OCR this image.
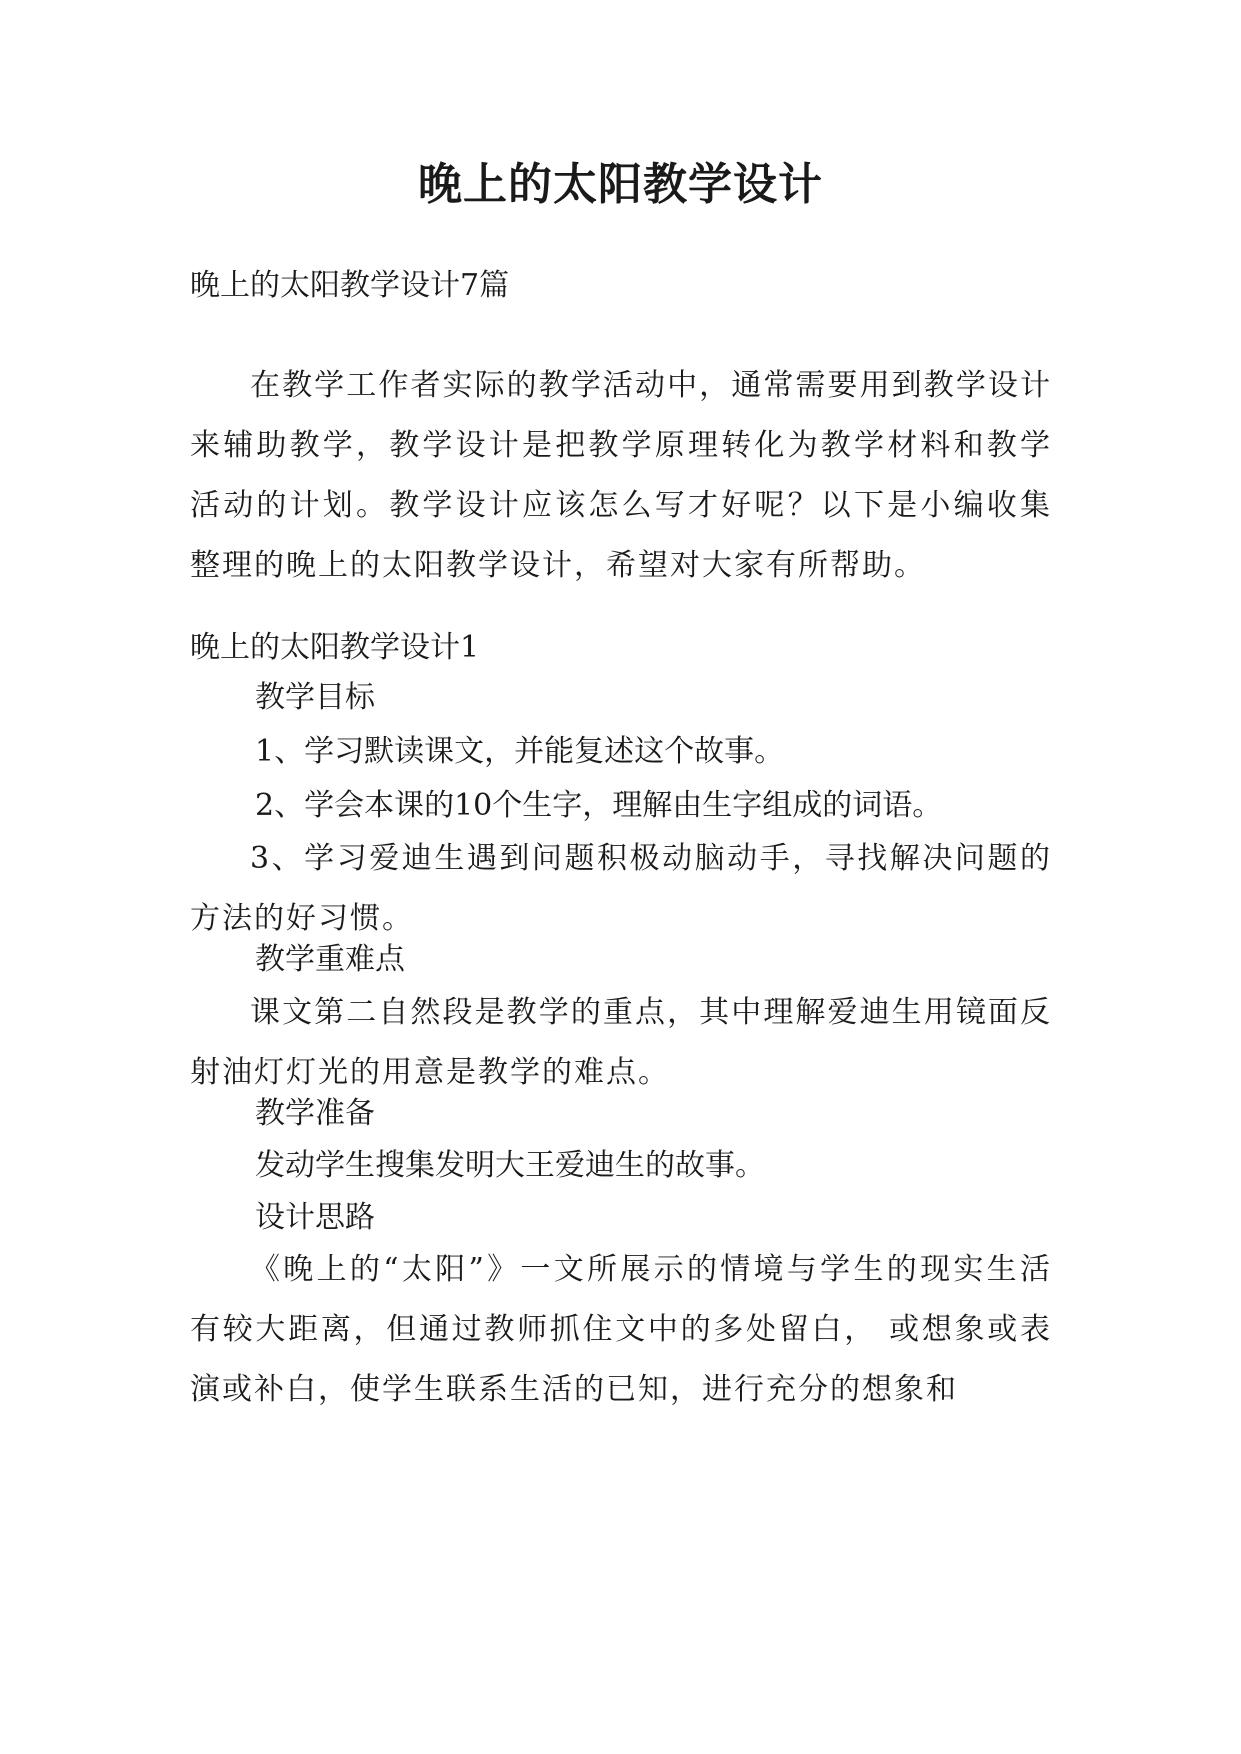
晚上的太阳教学设计
晚上的太阳教学设计7篇

在教学工作者实际的教学活动中，通常需要用到教学设计来辅助教学，教学设计是把教学原理转化为教学材料和教学活动的计划。教学设计应该怎么写才好呢？以下是小编收集整理的晚上的太阳教学设计，希望对大家有所帮助。

晚上的太阳教学设计1
教学目标
1、学习默读课文，并能复述这个故事。
2、学会本课的10个生字，理解由生字组成的词语。

3、学习爱迪生遇到问题积极动脑动手，寻找解决问题的方法的好习惯。

教学重难点

课文第二自然段是教学的重点，其中理解爱迪生用镜面反射油灯灯光的用意是教学的难点。

教学准备
发动学生搜集发明大王爱迪生的故事。
设计思路

《晚上的“太阳”》一文所展示的情境与学生的现实生活有较大距离，但通过教师抓住文中的多处留白， 或想象或表演或补白，使学生联系生活的已知，进行充分的想象和
